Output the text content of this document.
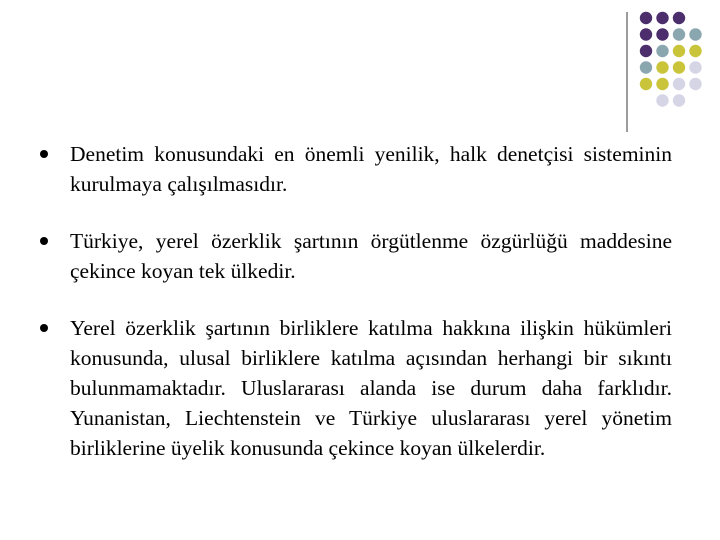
Denetim konusundaki en önemli yenilik, halk denetçisi sisteminin kurulmaya çalışılmasıdır.
Türkiye, yerel özerklik şartının örgütlenme özgürlüğü maddesine çekince koyan tek ülkedir.
Yerel özerklik şartının birliklere katılma hakkına ilişkin hükümleri konusunda, ulusal birliklere katılma açısından herhangi bir sıkıntı bulunmamaktadır. Uluslararası alanda ise durum daha farklıdır. Yunanistan, Liechtenstein ve Türkiye uluslararası yerel yönetim birliklerine üyelik konusunda çekince koyan ülkelerdir.
